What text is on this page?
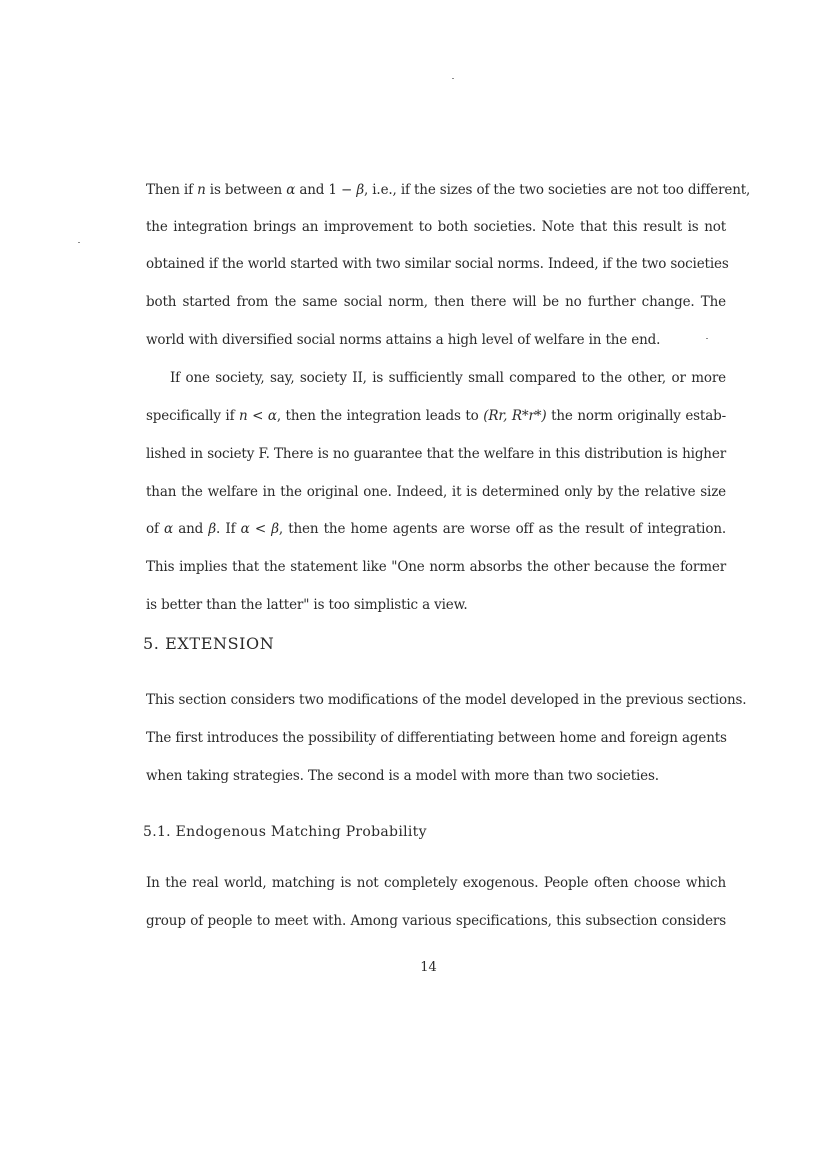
Then if n is between α and 1 − β, i.e., if the sizes of the two societies are not too different,
the integration brings an improvement to both societies. Note that this result is not
obtained if the world started with two similar social norms. Indeed, if the two societies
both started from the same social norm, then there will be no further change. The
world with diversified social norms attains a high level of welfare in the end.
If one society, say, society II, is sufficiently small compared to the other, or more
specifically if n < α, then the integration leads to (Rr, R*r*) the norm originally estab-
lished in society F. There is no guarantee that the welfare in this distribution is higher
than the welfare in the original one. Indeed, it is determined only by the relative size
of α and β. If α < β, then the home agents are worse off as the result of integration.
This implies that the statement like "One norm absorbs the other because the former
is better than the latter" is too simplistic a view.
5. EXTENSION
This section considers two modifications of the model developed in the previous sections.
The first introduces the possibility of differentiating between home and foreign agents
when taking strategies. The second is a model with more than two societies.
5.1. Endogenous Matching Probability
In the real world, matching is not completely exogenous. People often choose which
group of people to meet with. Among various specifications, this subsection considers
14
